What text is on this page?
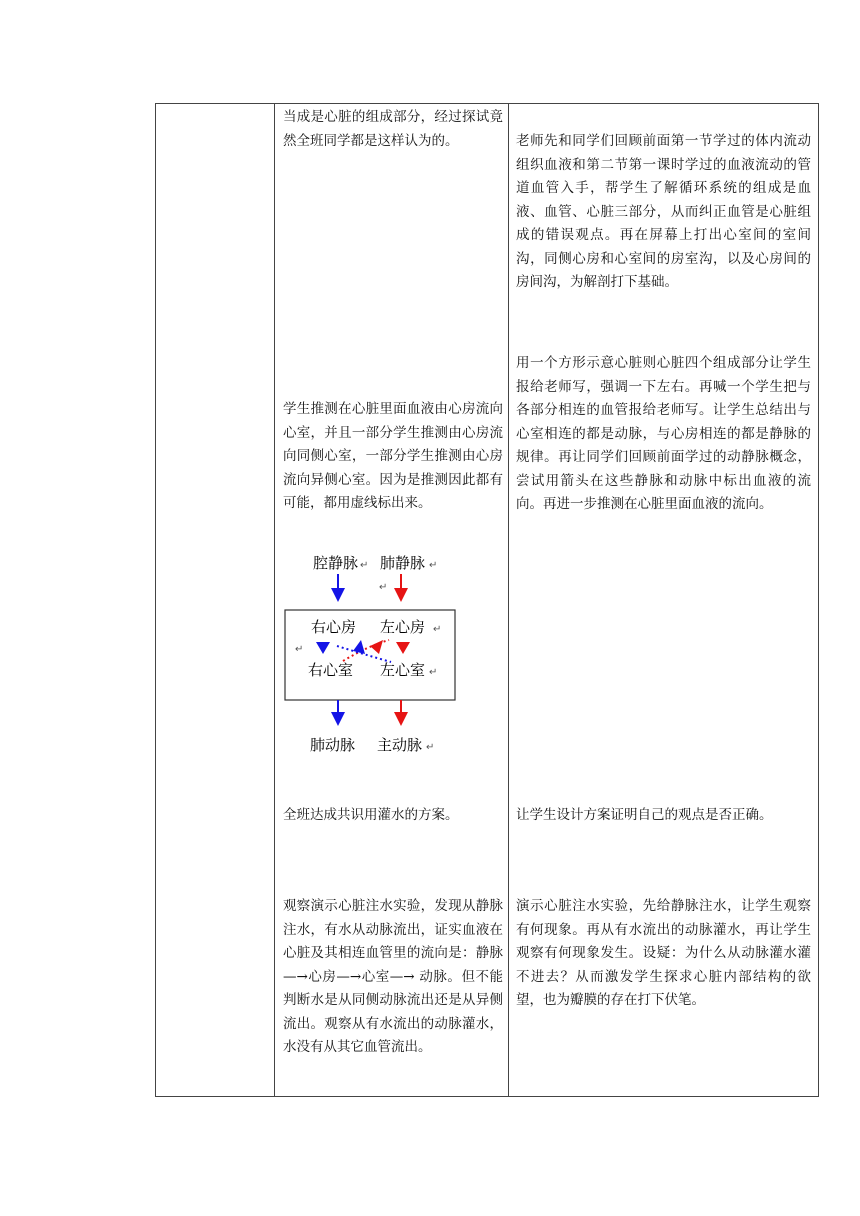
当成是心脏的组成部分，经过探试竟然全班同学都是这样认为的。
学生推测在心脏里面血液由心房流向心室，并且一部分学生推测由心房流向同侧心室，一部分学生推测由心房流向异侧心室。因为是推测因此都有可能，都用虚线标出来。
全班达成共识用灌水的方案。
观察演示心脏注水实验，发现从静脉注水，有水从动脉流出，证实血液在心脏及其相连血管里的流向是：静脉—→心房—→心室—→ 动脉。但不能判断水是从同侧动脉流出还是从异侧流出。观察从有水流出的动脉灌水，水没有从其它血管流出。
老师先和同学们回顾前面第一节学过的体内流动组织血液和第二节第一课时学过的血液流动的管道血管入手，帮学生了解循环系统的组成是血液、血管、心脏三部分，从而纠正血管是心脏组成的错误观点。再在屏幕上打出心室间的室间沟，同侧心房和心室间的房室沟，以及心房间的房间沟，为解剖打下基础。
用一个方形示意心脏则心脏四个组成部分让学生报给老师写，强调一下左右。再喊一个学生把与各部分相连的血管报给老师写。让学生总结出与心室相连的都是动脉，与心房相连的都是静脉的规律。再让同学们回顾前面学过的动静脉概念，尝试用箭头在这些静脉和动脉中标出血液的流向。再进一步推测在心脏里面血液的流向。
让学生设计方案证明自己的观点是否正确。
演示心脏注水实验，先给静脉注水，让学生观察有何现象。再从有水流出的动脉灌水，再让学生观察有何现象发生。设疑：为什么从动脉灌水灌不进去？从而激发学生探求心脏内部结构的欲望，也为瓣膜的存在打下伏笔。
腔静脉 ↵ 肺静脉 ↵
↵
右心房 左心房 ↵
↵
右心室 左心室 ↵
肺动脉 主动脉 ↵
